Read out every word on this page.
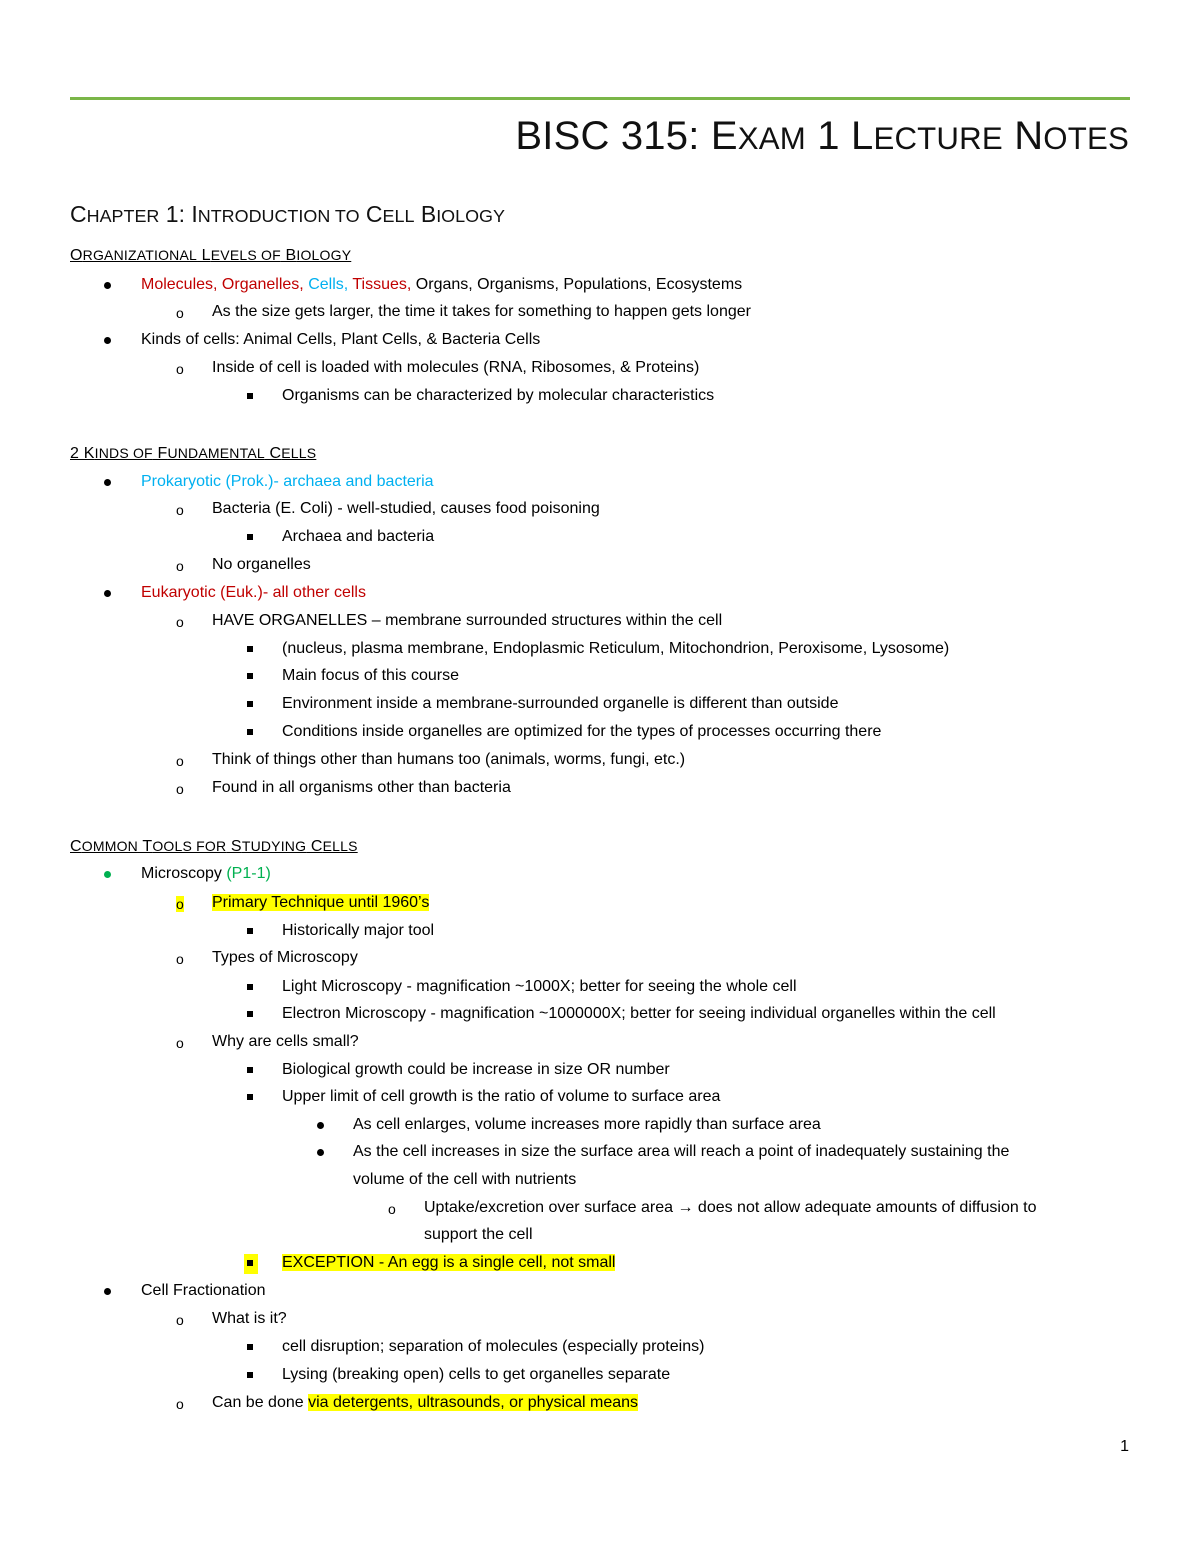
BISC 315: EXAM 1 LECTURE NOTES
CHAPTER 1: INTRODUCTION TO CELL BIOLOGY
ORGANIZATIONAL LEVELS OF BIOLOGY
Molecules, Organelles, Cells, Tissues, Organs, Organisms, Populations, Ecosystems
o As the size gets larger, the time it takes for something to happen gets longer
Kinds of cells: Animal Cells, Plant Cells, & Bacteria Cells
o Inside of cell is loaded with molecules (RNA, Ribosomes, & Proteins)
Organisms can be characterized by molecular characteristics
2 KINDS OF FUNDAMENTAL CELLS
Prokaryotic (Prok.)- archaea and bacteria
o Bacteria (E. Coli) - well-studied, causes food poisoning
Archaea and bacteria
o No organelles
Eukaryotic (Euk.)- all other cells
o HAVE ORGANELLES – membrane surrounded structures within the cell
(nucleus, plasma membrane, Endoplasmic Reticulum, Mitochondrion, Peroxisome, Lysosome)
Main focus of this course
Environment inside a membrane-surrounded organelle is different than outside
Conditions inside organelles are optimized for the types of processes occurring there
o Think of things other than humans too (animals, worms, fungi, etc.)
o Found in all organisms other than bacteria
COMMON TOOLS FOR STUDYING CELLS
Microscopy (P1-1)
o Primary Technique until 1960’s
Historically major tool
o Types of Microscopy
Light Microscopy - magnification ~1000X; better for seeing the whole cell
Electron Microscopy - magnification ~1000000X; better for seeing individual organelles within the cell
o Why are cells small?
Biological growth could be increase in size OR number
Upper limit of cell growth is the ratio of volume to surface area
As cell enlarges, volume increases more rapidly than surface area
As the cell increases in size the surface area will reach a point of inadequately sustaining the
volume of the cell with nutrients
o Uptake/excretion over surface area → does not allow adequate amounts of diffusion to
support the cell
EXCEPTION - An egg is a single cell, not small
Cell Fractionation
o What is it?
cell disruption; separation of molecules (especially proteins)
Lysing (breaking open) cells to get organelles separate
o Can be done via detergents, ultrasounds, or physical means
1
